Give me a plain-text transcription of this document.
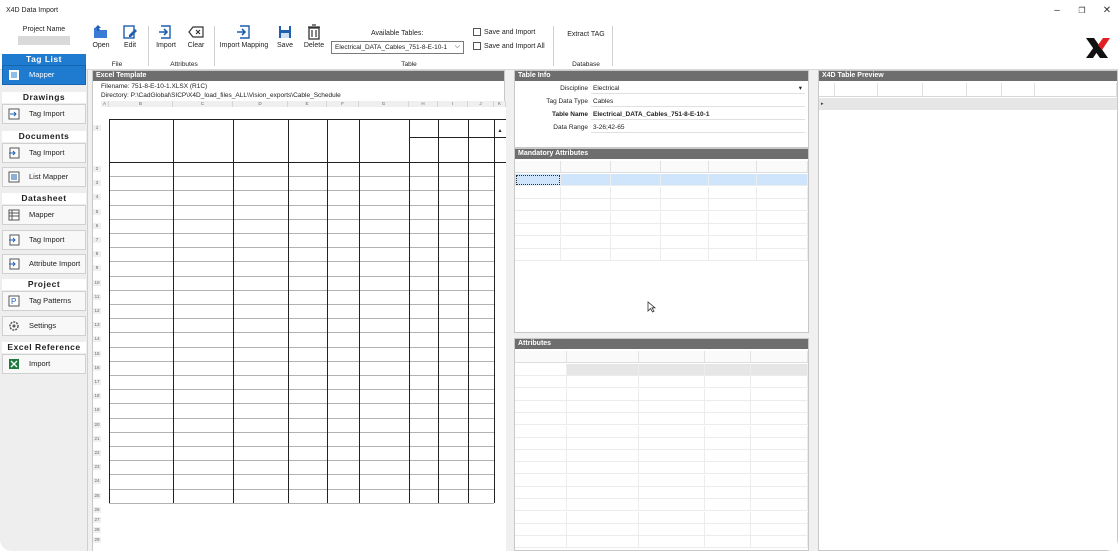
X4D Data Import	–	❐	✕
Open	Edit	Import	Clear	Import Mapping	Save	Delete
Available Tables:
Electrical_DATA_Cables_751-8-E-10-1 ⌵
Save and Import
Save and Import All
Extract TAG
File	Attributes	Table	Database
Project Name
Tag List
Mapper
Drawings
Tag Import
Documents
Tag Import
List Mapper
Datasheet
Mapper
Tag Import
Attribute Import
Project
P Tag Patterns
Settings
Excel Reference
Import
Excel Template
Filename: 751-8-E-10-1.XLSX (R1C)
Directory: P:\CadGlobal\SICP\X4D_load_files_ALL\Vision_exports\Cable_Schedule
A	B	C	D	E	F	G	H	I	J	K
1
2
3
4
5
6
7
8
9
10
11
12
13
14
15
16
17
18
19
20
21
22
23
24
25
26
27
28
29
▴
Table Info
Discipline Electrical	▾
Tag Data Type Cables
Table Name Electrical_DATA_Cables_751-8-E-10-1
Data Range 3-26;42-65
Mandatory Attributes
Attributes
X4D Table Preview
▸
